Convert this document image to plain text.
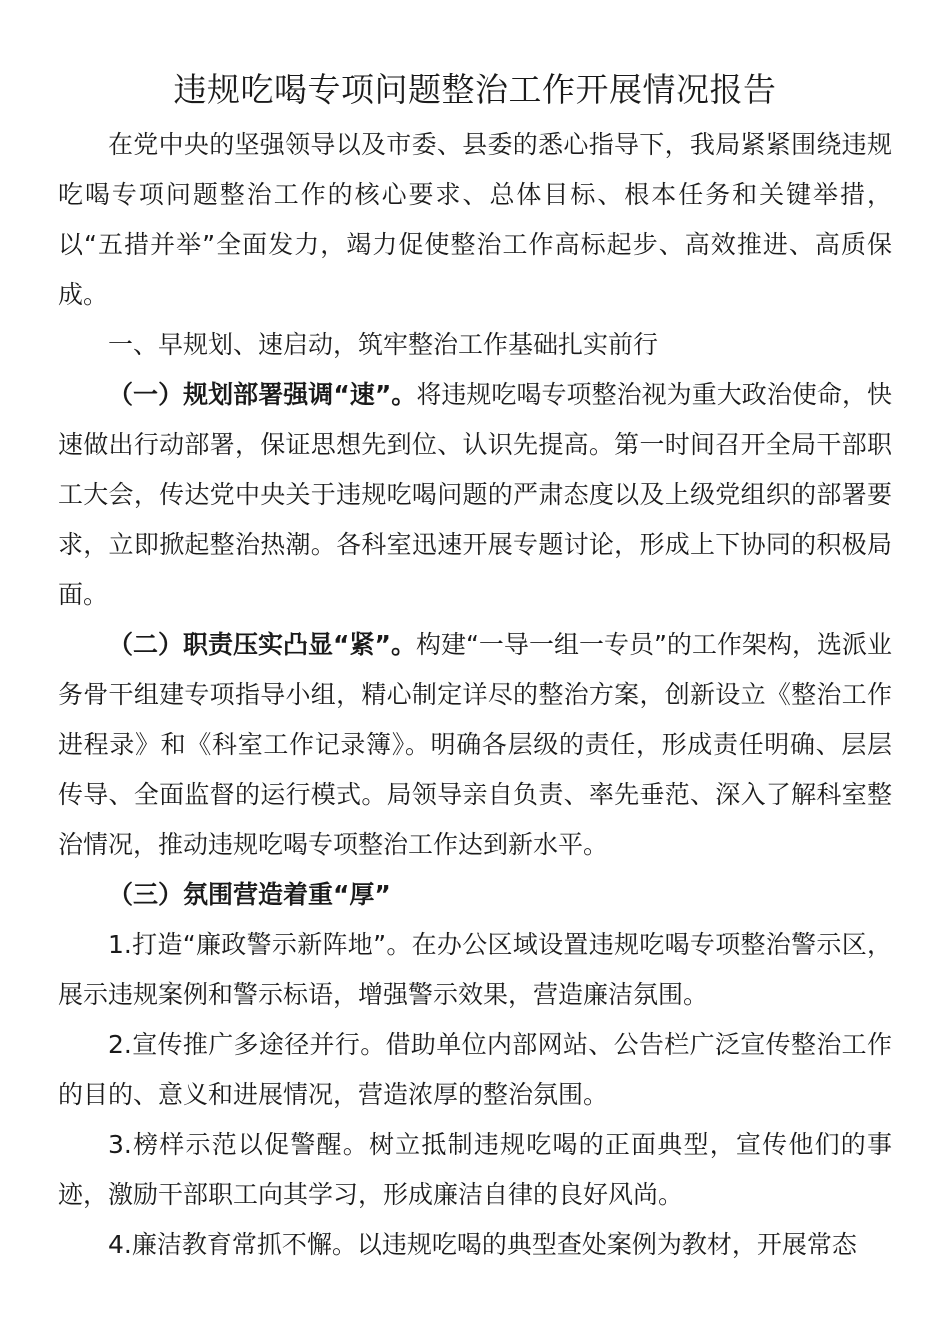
违规吃喝专项问题整治工作开展情况报告

在党中央的坚强领导以及市委、县委的悉心指导下，我局紧紧围绕违规吃喝专项问题整治工作的核心要求、总体目标、根本任务和关键举措，以“五措并举”全面发力，竭力促使整治工作高标起步、高效推进、高质保成。

一、早规划、速启动，筑牢整治工作基础扎实前行

（一）规划部署强调“速”。将违规吃喝专项整治视为重大政治使命，快速做出行动部署，保证思想先到位、认识先提高。第一时间召开全局干部职工大会，传达党中央关于违规吃喝问题的严肃态度以及上级党组织的部署要求，立即掀起整治热潮。各科室迅速开展专题讨论，形成上下协同的积极局面。

（二）职责压实凸显“紧”。构建“一导一组一专员”的工作架构，选派业务骨干组建专项指导小组，精心制定详尽的整治方案，创新设立《整治工作进程录》和《科室工作记录簿》。明确各层级的责任，形成责任明确、层层传导、全面监督的运行模式。局领导亲自负责、率先垂范、深入了解科室整治情况，推动违规吃喝专项整治工作达到新水平。

（三）氛围营造着重“厚”

1.打造“廉政警示新阵地”。在办公区域设置违规吃喝专项整治警示区，展示违规案例和警示标语，增强警示效果，营造廉洁氛围。

2.宣传推广多途径并行。借助单位内部网站、公告栏广泛宣传整治工作的目的、意义和进展情况，营造浓厚的整治氛围。

3.榜样示范以促警醒。树立抵制违规吃喝的正面典型，宣传他们的事迹，激励干部职工向其学习，形成廉洁自律的良好风尚。

4.廉洁教育常抓不懈。以违规吃喝的典型查处案例为教材，开展常态
